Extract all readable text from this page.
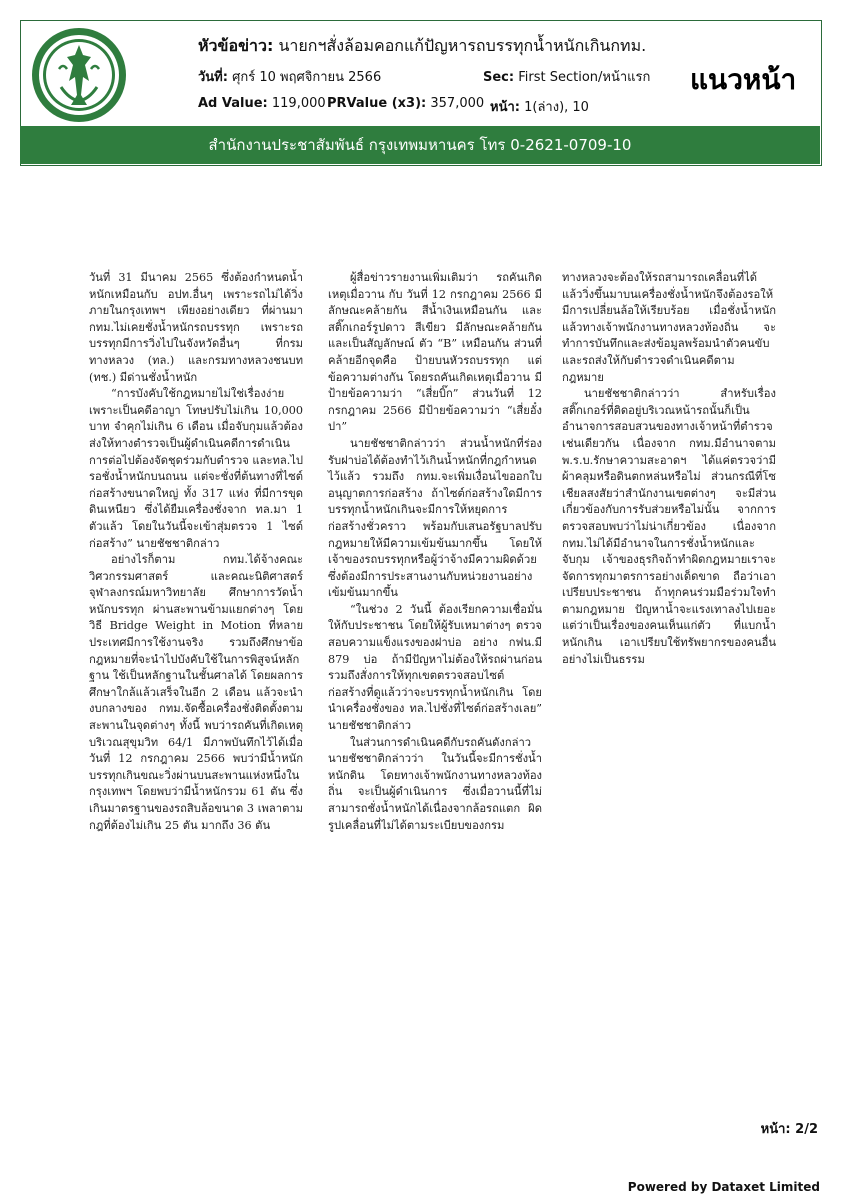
หัวข้อข่าว: นายกฯสั่งล้อมคอกแก้ปัญหารถบรรทุกน้ำหนักเกินกทม.
วันที่: ศุกร์ 10 พฤศจิกายน 2566	Sec: First Section/หน้าแรก
Ad Value: 119,000 PRValue (x3): 357,000 หน้า: 1(ล่าง), 10
แนวหน้า
สำนักงานประชาสัมพันธ์ กรุงเทพมหานคร โทร 0-2621-0709-10

วันที่ 31 มีนาคม 2565 ซึ่งต้องกำหนดน้ำหนักเหมือนกับ อปท.อื่นๆ เพราะรถไม่ได้วิ่งภายในกรุงเทพฯ เพียงอย่างเดียว ที่ผ่านมา กทม.ไม่เคยชั่งน้ำหนักรถบรรทุก เพราะรถบรรทุกมีการวิ่งไปในจังหวัดอื่นๆ ที่กรมทางหลวง (ทล.) และกรมทางหลวงชนบท (ทช.) มีด่านชั่งน้ำหนัก

“การบังคับใช้กฎหมายไม่ใช่เรื่องง่าย เพราะเป็นคดีอาญา โทษปรับไม่เกิน 10,000 บาท จำคุกไม่เกิน 6 เดือน เมื่อจับกุมแล้วต้องส่งให้ทางตำรวจเป็นผู้ดำเนินคดีการดำเนินการต่อไปต้องจัดชุดร่วมกับตำรวจ และทล.ไปรอชั่งน้ำหนักบนถนน แต่จะชั่งที่ต้นทางที่ไซต์ก่อสร้างขนาดใหญ่ ทั้ง 317 แห่ง ที่มีการขุดดินเหนียว ซึ่งได้ยืมเครื่องชั่งจาก ทล.มา 1 ตัวแล้ว โดยในวันนี้จะเข้าสุ่มตรวจ 1 ไซต์ก่อสร้าง” นายชัชชาติกล่าว

อย่างไรก็ตาม กทม.ได้จ้างคณะวิศวกรรมศาสตร์ และคณะนิติศาสตร์ จุฬาลงกรณ์มหาวิทยาลัย ศึกษาการวัดน้ำหนักบรรทุก ผ่านสะพานข้ามแยกต่างๆ โดยวิธี Bridge Weight in Motion ที่หลายประเทศมีการใช้งานจริง รวมถึงศึกษาข้อกฎหมายที่จะนำไปบังคับใช้ในการพิสูจน์หลักฐาน ใช้เป็นหลักฐานในชั้นศาลได้ โดยผลการศึกษาใกล้แล้วเสร็จในอีก 2 เดือน แล้วจะนำงบกลางของ กทม.จัดซื้อเครื่องชั่งติดตั้งตามสะพานในจุดต่างๆ ทั้งนี้ พบว่ารถคันที่เกิดเหตุบริเวณสุขุมวิท 64/1 มีภาพบันทึกไว้ได้เมื่อวันที่ 12 กรกฎาคม 2566 พบว่ามีน้ำหนักบรรทุกเกินขณะวิ่งผ่านบนสะพานแห่งหนึ่งในกรุงเทพฯ โดยพบว่ามีน้ำหนักรวม 61 ตัน ซึ่งเกินมาตรฐานของรถสิบล้อขนาด 3 เพลาตามกฎที่ต้องไม่เกิน 25 ตัน มากถึง 36 ตัน

ผู้สื่อข่าวรายงานเพิ่มเติมว่า รถคันเกิดเหตุเมื่อวาน กับ วันที่ 12 กรกฎาคม 2566 มีลักษณะคล้ายกัน สีน้ำเงินเหมือนกัน และสติ๊กเกอร์รูปดาว สีเขียว มีลักษณะคล้ายกัน และเป็นสัญลักษณ์ ตัว “B” เหมือนกัน ส่วนที่คล้ายอีกจุดคือ ป้ายบนหัวรถบรรทุก แต่ข้อความต่างกัน โดยรถคันเกิดเหตุเมื่อวาน มีป้ายข้อความว่า “เสี่ยบิ๊ก” ส่วนวันที่ 12 กรกฎาคม 2566 มีป้ายข้อความว่า “เสี่ยอั๋งปา”

นายชัชชาติกล่าวว่า ส่วนน้ำหนักที่ร่องรับฝาบ่อได้ต้องทำไว้เกินน้ำหนักที่กฎกำหนดไว้แล้ว รวมถึง กทม.จะเพิ่มเงื่อนไขออกใบอนุญาตการก่อสร้าง ถ้าไซต์ก่อสร้างใดมีการบรรทุกน้ำหนักเกินจะมีการให้หยุดการก่อสร้างชั่วคราว พร้อมกับเสนอรัฐบาลปรับกฎหมายให้มีความเข้มข้นมากขึ้น โดยให้เจ้าของรถบรรทุกหรือผู้ว่าจ้างมีความผิดด้วย ซึ่งต้องมีการประสานงานกับหน่วยงานอย่างเข้มข้นมากขึ้น

“ในช่วง 2 วันนี้ ต้องเรียกความเชื่อมั่นให้กับประชาชน โดยให้ผู้รับเหมาต่างๆ ตรวจสอบความแข็งแรงของฝาบ่อ อย่าง กฟน.มี 879 บ่อ ถ้ามีปัญหาไม่ต้องให้รถผ่านก่อน รวมถึงสั่งการให้ทุกเขตตรวจสอบไซต์ก่อสร้างที่ดูแล้วว่าจะบรรทุกน้ำหนักเกิน โดยนำเครื่องชั่งของ ทล.ไปชั่งที่ไซต์ก่อสร้างเลย” นายชัชชาติกล่าว

ในส่วนการดำเนินคดีกับรถคันดังกล่าว นายชัชชาติกล่าวว่า ในวันนี้จะมีการชั่งน้ำหนักดิน โดยทางเจ้าพนักงานทางหลวงท้องถิ่น จะเป็นผู้ดำเนินการ ซึ่งเมื่อวานนี้ที่ไม่สามารถชั่งน้ำหนักได้เนื่องจากล้อรถแตก ผิดรูปเคลื่อนที่ไม่ได้ตามระเบียบของกรม

ทางหลวงจะต้องให้รถสามารถเคลื่อนที่ได้แล้ววิ่งขึ้นมาบนเครื่องชั่งน้ำหนักจึงต้องรอให้มีการเปลี่ยนล้อให้เรียบร้อย เมื่อชั่งน้ำหนักแล้วทางเจ้าพนักงานทางหลวงท้องถิ่น จะทำการบันทึกและส่งข้อมูลพร้อมนำตัวคนขับและรถส่งให้กับตำรวจดำเนินคดีตามกฎหมาย

นายชัชชาติกล่าวว่า สำหรับเรื่องสติ๊กเกอร์ที่ติดอยู่บริเวณหน้ารถนั้นก็เป็นอำนาจการสอบสวนของทางเจ้าหน้าที่ตำรวจเช่นเดียวกัน เนื่องจาก กทม.มีอำนาจตาม พ.ร.บ.รักษาความสะอาดฯ ได้แค่ตรวจว่ามีผ้าคลุมหรือดินตกหล่นหรือไม่ ส่วนกรณีที่โซเชียลสงสัยว่าสำนักงานเขตต่างๆ จะมีส่วนเกี่ยวข้องกับการรับส่วยหรือไม่นั้น จากการตรวจสอบพบว่าไม่น่าเกี่ยวข้อง เนื่องจาก กทม.ไม่ได้มีอำนาจในการชั่งน้ำหนักและจับกุม เจ้าของธุรกิจถ้าทำผิดกฎหมายเราจะจัดการทุกมาตรการอย่างเด็ดขาด ถือว่าเอาเปรียบประชาชน ถ้าทุกคนร่วมมือร่วมใจทำตามกฎหมาย ปัญหาน้ำจะแรงเทาลงไปเยอะ แต่ว่าเป็นเรื่องของคนเห็นแก่ตัว ที่แบกน้ำหนักเกิน เอาเปรียบใช้ทรัพยากรของคนอื่นอย่างไม่เป็นธรรม

หน้า: 2/2
Powered by Dataxet Limited
